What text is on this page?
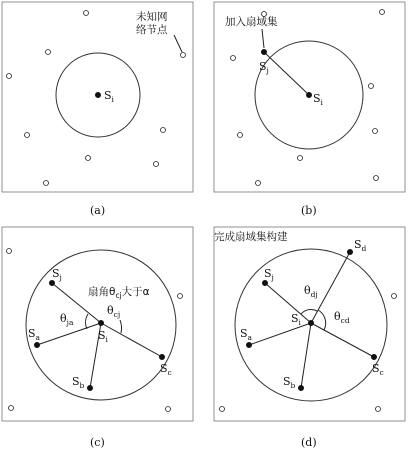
未知网
络节点
$S_i$
(a)
加入扇域集
$S_j$
$S_i$
(b)
$S_i$
$S_j$
$S_a$
$S_b$
$S_c$
$\theta_{ja}$
$\theta_{cj}$
扇角$\theta_{cj}$大于α
(c)
$S_i$
$S_d$
$S_j$
$S_a$
$S_b$
$S_c$
$\theta_{dj}$
$\theta_{cd}$
完成扇域集构建
(d)
